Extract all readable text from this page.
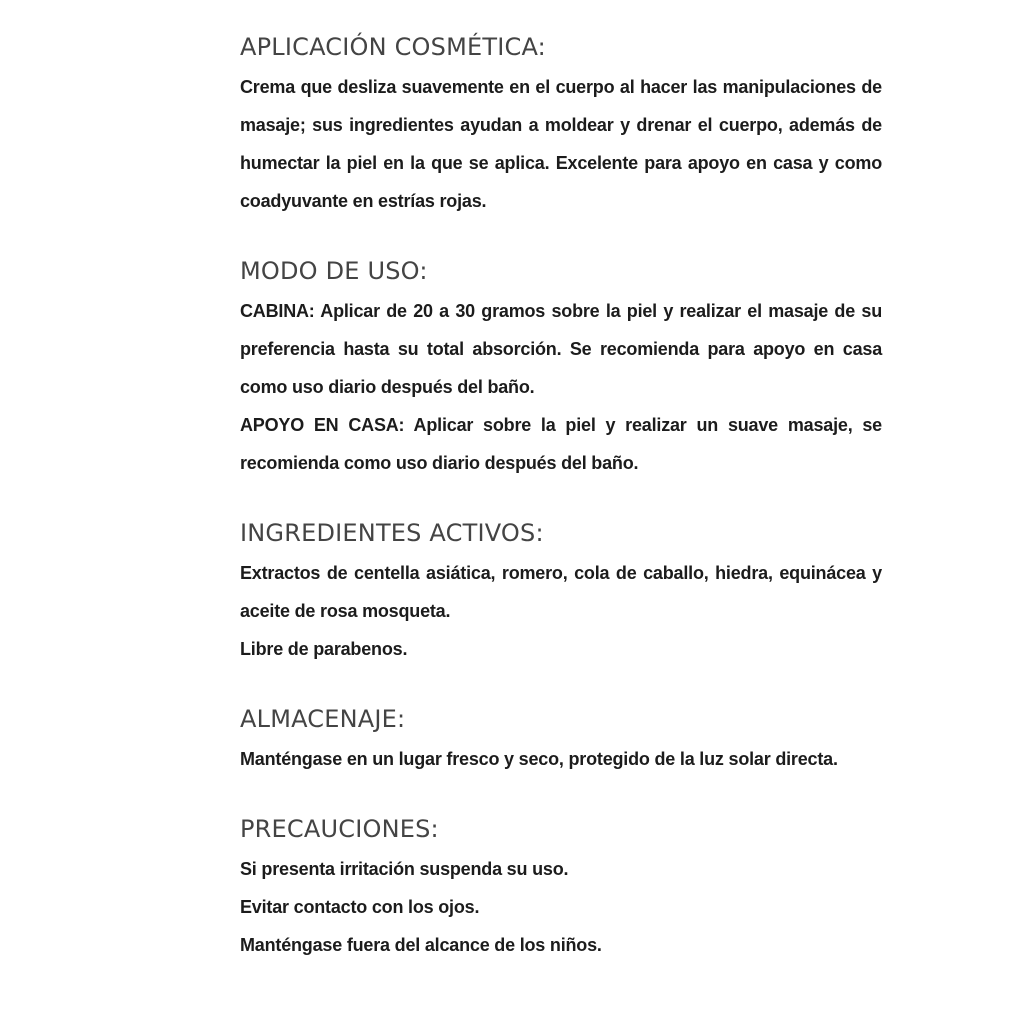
APLICACIÓN COSMÉTICA:

Crema que desliza suavemente en el cuerpo al hacer las manipulaciones de masaje; sus ingredientes ayudan a moldear y drenar el cuerpo, además de humectar la piel en la que se aplica. Excelente para apoyo en casa y como coadyuvante en estrías rojas.

MODO DE USO:

CABINA: Aplicar de 20 a 30 gramos sobre la piel y realizar el masaje de su preferencia hasta su total absorción. Se recomienda para apoyo en casa como uso diario después del baño.

APOYO EN CASA: Aplicar sobre la piel y realizar un suave masaje, se recomienda como uso diario después del baño.

INGREDIENTES ACTIVOS:

Extractos de centella asiática, romero, cola de caballo, hiedra, equinácea y aceite de rosa mosqueta.

Libre de parabenos.
ALMACENAJE:

Manténgase en un lugar fresco y seco, protegido de la luz solar directa.

PRECAUCIONES:
Si presenta irritación suspenda su uso.
Evitar contacto con los ojos.
Manténgase fuera del alcance de los niños.
